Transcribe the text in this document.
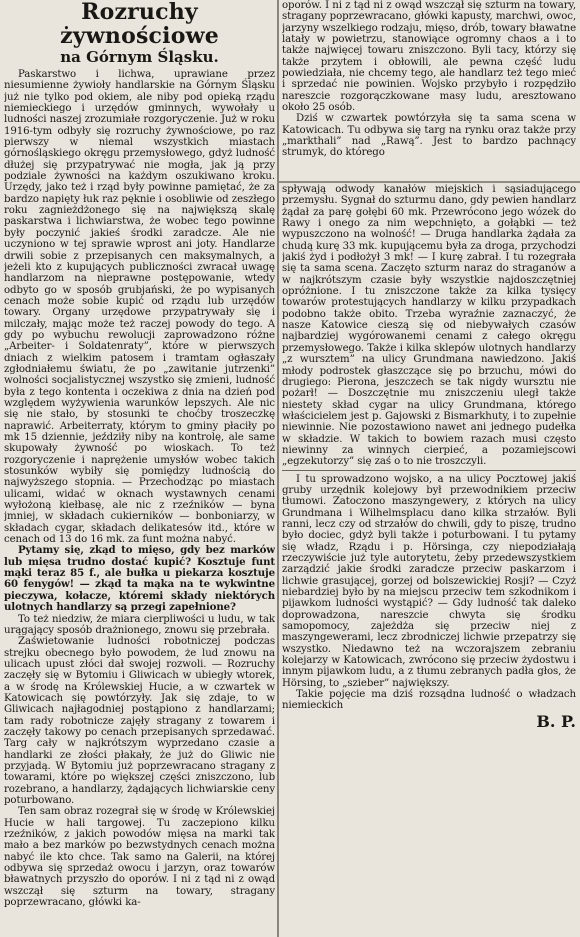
Rozruchy żywnościowe
na Górnym Śląsku.

Paskarstwo i lichwa, uprawiane przez niesumienne żywioły handlarskie na Górnym Śląsku już nie tylko pod okiem, ale niby pod opieką rządu niemieckiego i urzędów gminnych, wywołały u ludności naszej zrozumiałe rozgoryczenie. Już w roku 1916-tym odbyły się rozruchy żywnościowe, po raz pierwszy w niemal wszystkich miastach górnośląskiego okręgu przemysłowego, gdyż ludność dłużej się przypatrywać nie mogła, jak ją przy podziale żywności na każdym oszukiwano kroku. Urzędy, jako też i rząd były powinne pamiętać, że za bardzo napięty łuk raz pęknie i osobliwie od zeszłego roku zagnieżdżonego się na największą skalę paskarstwa i lichwiarstwa, że wobec tego powinne były poczynić jakieś środki zaradcze. Ale nie uczyniono w tej sprawie wprost ani joty. Handlarze drwili sobie z przepisanych cen maksymalnych, a jeżeli kto z kupujących publiczności zwracał uwagę handlarzom na nieprawne postępowanie, wtedy odbyto go w sposób grubjański, że po wypisanych cenach może sobie kupić od rządu lub urzędów towary. Organy urzędowe przypatrywały się i milczały, mając może też raczej powody do tego. A gdy po wybuchu rewolucji zaprowadzono różne „Arbeiter- i Soldatenraty”, które w pierwszych dniach z wielkim patosem i tramtam ogłaszały zgłodniałemu światu, że po „zawitanie jutrzenki” wolności socjalistycznej wszystko się zmieni, ludność była z tego kontenta i oczekiwa z dnia na dzień pod względem wyżywienia warunków lepszych. Ale nic się nie stało, by stosunki te choćby troszeczkę naprawić. Arbeiterraty, którym to gminy płaciły po mk 15 dziennie, jeździły niby na kontrolę, ale same skupowały żywność po wioskach. To też rozgoryczenie i naprężenie umysłów wobec takich stosunków wybiły się pomiędzy ludnością do najwyższego stopnia. — Przechodząc po miastach ulicami, widać w oknach wystawnych cenami wyłożoną kiełbasę, ale nic z rzeźników — byna jmniej, w składach cukierników — bonboniarzy, w składach cygar, składach delikatesów itd., które w cenach od 13 do 16 mk. za funt można nabyć.

Pytamy się, zkąd to mięso, gdy bez marków lub mięsa trudno dostać kupić? Kosztuje funt mąki teraz 85 f., ale bułka u piekarza kosztuje 60 fenygów! — zkąd ta mąka na te wykwintne pieczywa, kołacze, któremi składy niektórych ulotnych handlarzy są przegi zapełnione?

To też niedziw, że miara cierpliwości u ludu, w tak urągający sposób drażnionego, znowu się przebrała.

Zaświetowanie ludności robotniczej podczas strejku obecnego było powodem, że lud znowu na ulicach upust złóci dał swojej rozwoli. — Rozruchy zaczęły się w Bytomiu i Gliwicach w ubiegły wtorek, a w środę na Królewskiej Hucie, a w czwartek w Katowicach się powtórzyły. Jak się zdaje, to w Gliwicach najłagodniej postąpiono z handlarzami; tam rady robotnicze zajęły stragany z towarem i zaczęły takowy po cenach przepisanych sprzedawać. Targ cały w najkrótszym wyprzedano czasie a handlarki ze złości płakały, że już do Gliwic nie przyjadą. W Bytomiu już poprzewracano stragany z towarami, które po większej części zniszczono, lub rozebrano, a handlarzy, żądających lichwiarskie ceny poturbowano.

Ten sam obraz rozegrał się w środę w Królewskiej Hucie w hali targowej. Tu zaczepiono kilku rzeźników, z jakich powodów mięsa na marki tak mało a bez marków po bezwstydnych cenach można nabyć ile kto chce. Tak samo na Galerii, na której odbywa się sprzedaż owocu i jarzyn, oraz towarów bławatnych przyszło do oporów. I ni z tąd ni z owąd wszczął się szturm na towary, stragany poprzewracano, główki ka-

oporów. I ni z tąd ni z owąd wszczął się szturm na towary, stragany poprzewracano, główki kapusty, marchwi, owoc, jarzyny wszelkiego rodzaju, mięso, drób, towary bławatne latały w powietrzu, stanowiące ogromny chaos a i to także najwięcej towaru zniszczono. Byli tacy, którzy się także przytem i obłowili, ale pewna część ludu powiedziała, nie chcemy tego, ale handlarz też tego mieć i sprzedać nie powinien. Wojsko przybyło i rozpędziło nareszcie rozgorączkowane masy ludu, aresztowano około 25 osób.

Dziś w czwartek powtórzyła się ta sama scena w Katowicach. Tu odbywa się targ na rynku oraz także przy „markthali” nad „Rawą”. Jest to bardzo pachnący strumyk, do którego

spływają odwody kanałów miejskich i sąsiadującego przemysłu. Sygnał do szturmu dano, gdy pewien handlarz żądał za parę gołębi 60 mk. Przewrócono jego wózek do Rawy i onego za nim wepchnięto, a gołąbki — też wypuszczono na wolność! — Druga handlarka żądała za chudą kurę 33 mk. kupującemu była za droga, przychodzi jakiś żyd i podłożył 3 mk! — I kurę zabrał. I tu rozegrała się ta sama scena. Zaczęto szturm naraz do straganów a w najkrótszym czasie były wszystkie najdoszczętniej opróżnione. I tu zniszczone także za kilka tysięcy towarów protestujących handlarzy w kilku przypadkach podobno także obito. Trzeba wyraźnie zaznaczyć, że nasze Katowice cieszą się od niebywałych czasów najbardziej wygórowanemi cenami z całego okręgu przemysłowego. Także i kilka sklepów ulotnych handlarzy „z wursztem” na ulicy Grundmana nawiedzono. Jakiś młody podrostek głaszczące się po brzuchu, mówi do drugiego: Pierona, jeszczech se tak nigdy wursztu nie pożarł! — Doszczętnie mu zniszczeniu uległ także niestety skład cygar na ulicy Grundmana, którego właścicielem jest p. Gajowski z Bismarkhuty, i to zupełnie niewinnie. Nie pozostawiono nawet ani jednego pudełka w składzie. W takich to bowiem razach musi często niewinny za winnych cierpieć, a pozamiejscowi „egzekutorzy” się zaś o to nie troszczyli.

I tu sprowadzono wojsko, a na ulicy Pocztowej jakiś gruby urzędnik kolejowy był przewodnikiem przeciw tłumowi. Zatoczono maszyngewery, z których na ulicy Grundmana i Wilhelmsplacu dano kilka strzałów. Byli ranni, lecz czy od strzałów do chwili, gdy to piszę, trudno było dociec, gdyż byli także i poturbowani. I tu pytamy się władz, Rządu i p. Hörsinga, czy niepodziałają rzeczywiście już tyle autorytetu, żeby przedewszystkiem zarządzić jakie środki zaradcze przeciw paskarzom i lichwie grasującej, gorzej od bolszewickiej Rosji? — Czyż niebardziej było by na miejscu przeciw tem szkodnikom i pijawkom ludności wystąpić? — Gdy ludność tak daleko doprowadzona, nareszcie chwyta się środku samopomocy, zajeżdża się przeciw niej z maszyngewerami, lecz zbrodniczej lichwie przepatrzy się wszystko. Niedawno też na wczorajszem zebraniu kolejarzy w Katowicach, zwrócono się przeciw żydostwu i innym pijawkom ludu, a z tłumu zebranych padła głos, że Hörsing, to „szieber” największy.

Takie pojęcie ma dziś rozsądna ludność o władzach niemieckich

B. P.
